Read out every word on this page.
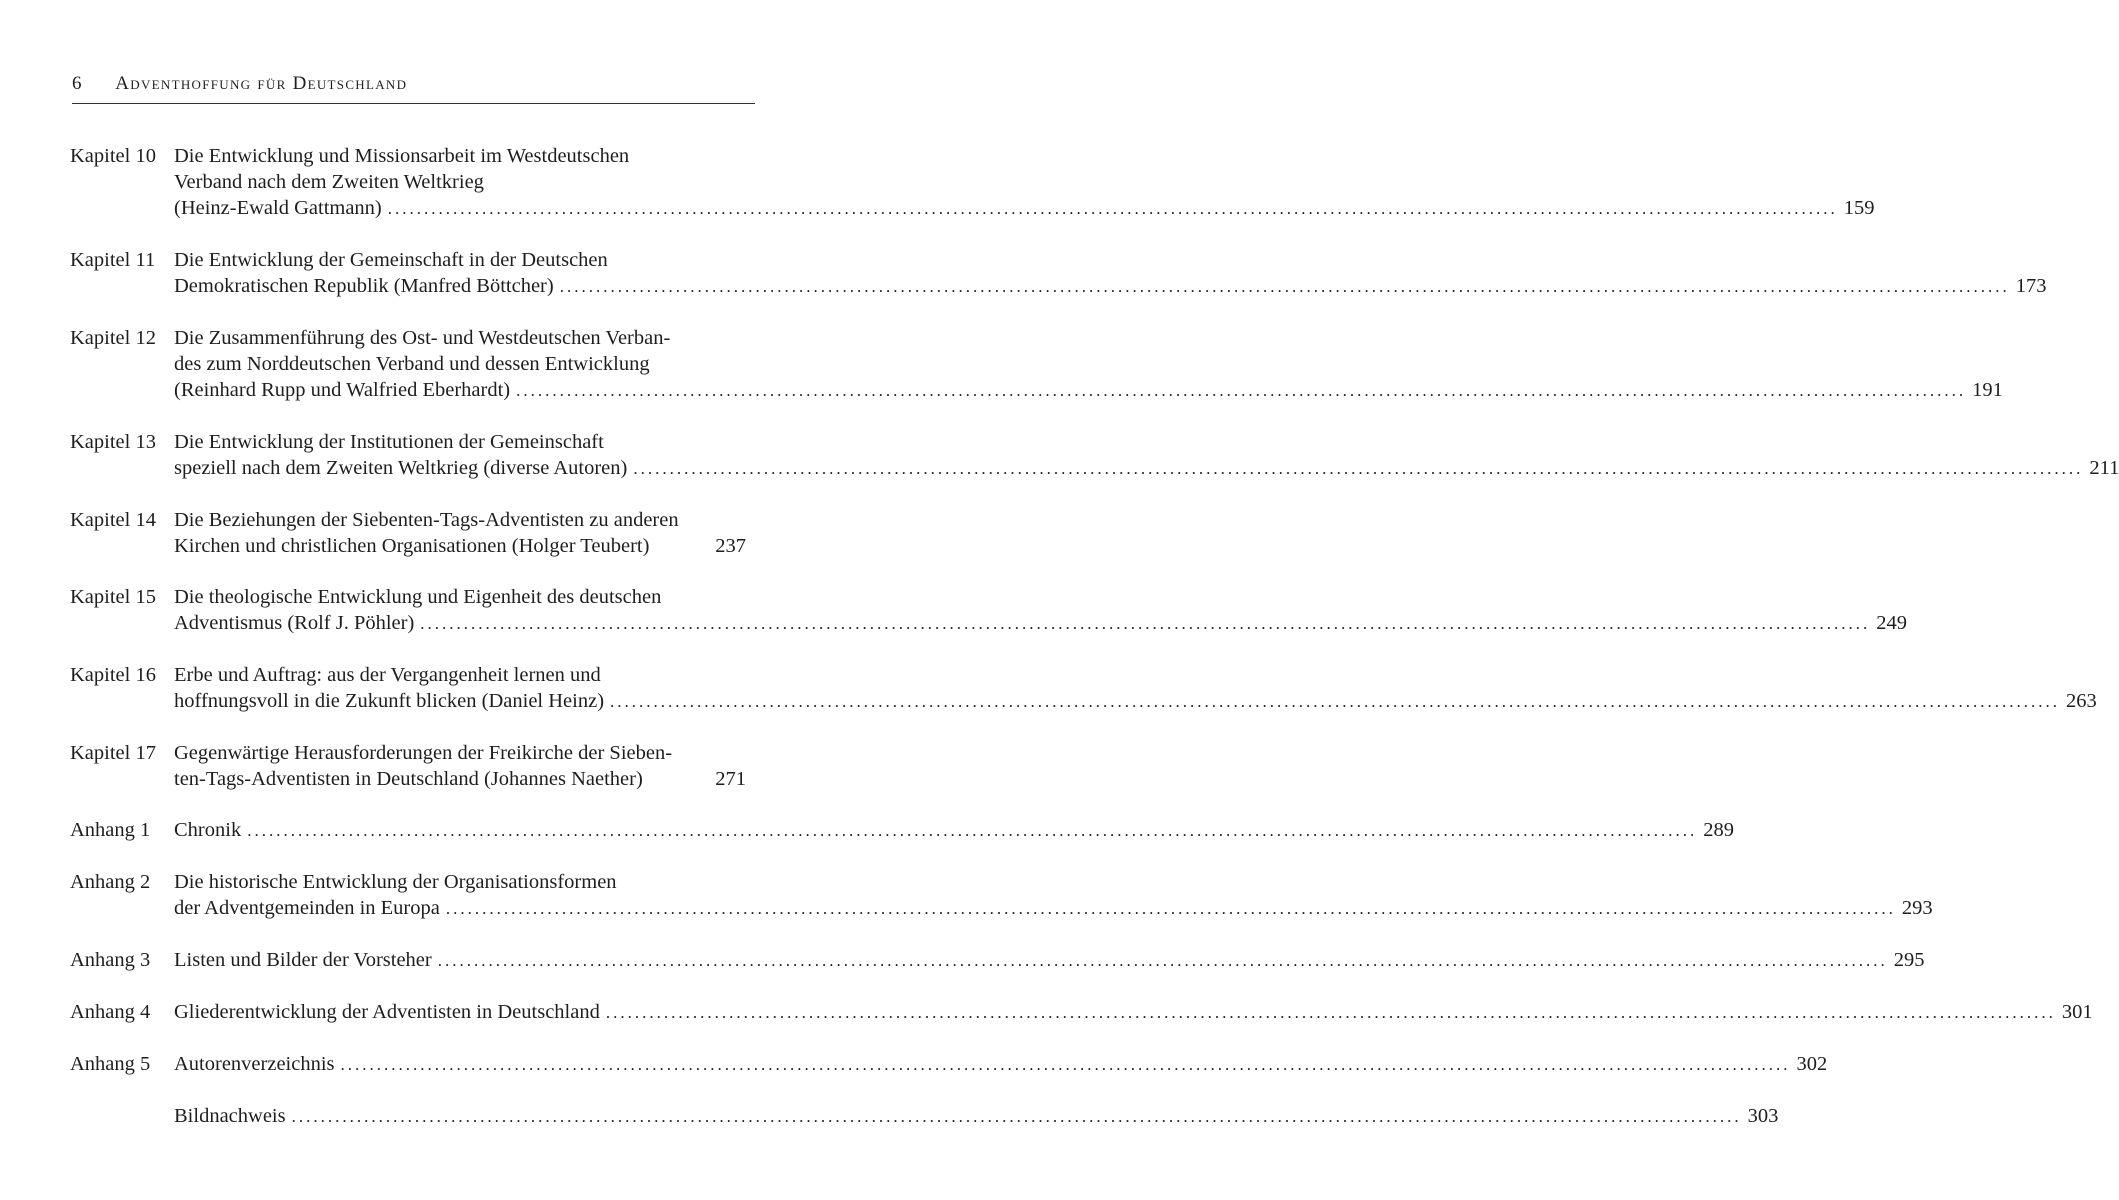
6 Adventhoffung für Deutschland
Kapitel 10 Die Entwicklung und Missionsarbeit im Westdeutschen
Verband nach dem Zweiten Weltkrieg
(Heinz-Ewald Gattmann) ........................................................................................................................................................................................................ 159
Kapitel 11 Die Entwicklung der Gemeinschaft in der Deutschen
Demokratischen Republik (Manfred Böttcher) ........................................................................................................................................................................................................ 173
Kapitel 12 Die Zusammenführung des Ost- und Westdeutschen Verban-
des zum Norddeutschen Verband und dessen Entwicklung
(Reinhard Rupp und Walfried Eberhardt) ........................................................................................................................................................................................................ 191
Kapitel 13 Die Entwicklung der Institutionen der Gemeinschaft
speziell nach dem Zweiten Weltkrieg (diverse Autoren) ........................................................................................................................................................................................................ 211
Kapitel 14 Die Beziehungen der Siebenten-Tags-Adventisten zu anderen
Kirchen und christlichen Organisationen (Holger Teubert)	237
Kapitel 15 Die theologische Entwicklung und Eigenheit des deutschen
Adventismus (Rolf J. Pöhler) ........................................................................................................................................................................................................ 249
Kapitel 16 Erbe und Auftrag: aus der Vergangenheit lernen und
hoffnungsvoll in die Zukunft blicken (Daniel Heinz) ........................................................................................................................................................................................................ 263
Kapitel 17 Gegenwärtige Herausforderungen der Freikirche der Sieben-
ten-Tags-Adventisten in Deutschland (Johannes Naether)	271
Anhang 1	Chronik ........................................................................................................................................................................................................ 289
Anhang 2	Die historische Entwicklung der Organisationsformen
der Adventgemeinden in Europa ........................................................................................................................................................................................................ 293
Anhang 3	Listen und Bilder der Vorsteher ........................................................................................................................................................................................................ 295
Anhang 4	Gliederentwicklung der Adventisten in Deutschland ........................................................................................................................................................................................................ 301
Anhang 5	Autorenverzeichnis ........................................................................................................................................................................................................ 302
Bildnachweis ........................................................................................................................................................................................................ 303
